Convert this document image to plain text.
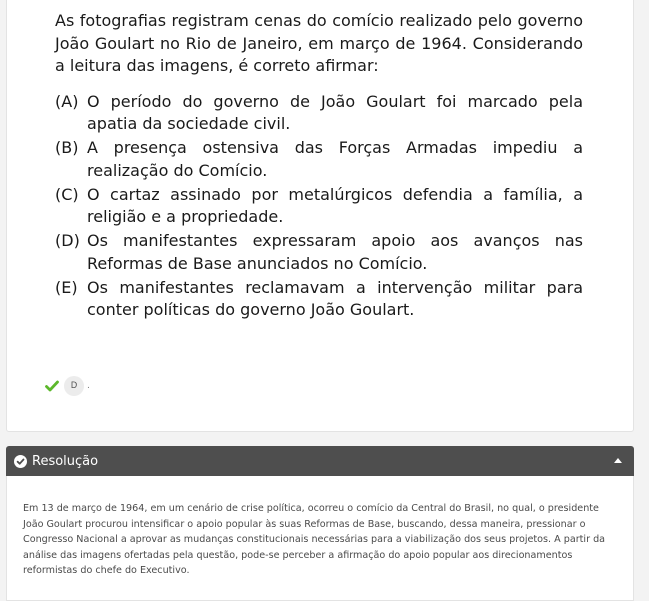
As fotografias registram cenas do comício realizado pelo governo João Goulart no Rio de Janeiro, em março de 1964. Considerando a leitura das imagens, é correto afirmar:

(A) O período do governo de João Goulart foi marcado pela apatia da sociedade civil.
(B) A presença ostensiva das Forças Armadas impediu a realização do Comício.
(C) O cartaz assinado por metalúrgicos defendia a família, a religião e a propriedade.
(D) Os manifestantes expressaram apoio aos avanços nas Reformas de Base anunciados no Comício.
(E) Os manifestantes reclamavam a intervenção militar para conter políticas do governo João Goulart.
D	.
Resolução

Em 13 de março de 1964, em um cenário de crise política, ocorreu o comício da Central do Brasil, no qual, o presidente João Goulart procurou intensificar o apoio popular às suas Reformas de Base, buscando, dessa maneira, pressionar o Congresso Nacional a aprovar as mudanças constitucionais necessárias para a viabilização dos seus projetos. A partir da análise das imagens ofertadas pela questão, pode-se perceber a afirmação do apoio popular aos direcionamentos reformistas do chefe do Executivo.
